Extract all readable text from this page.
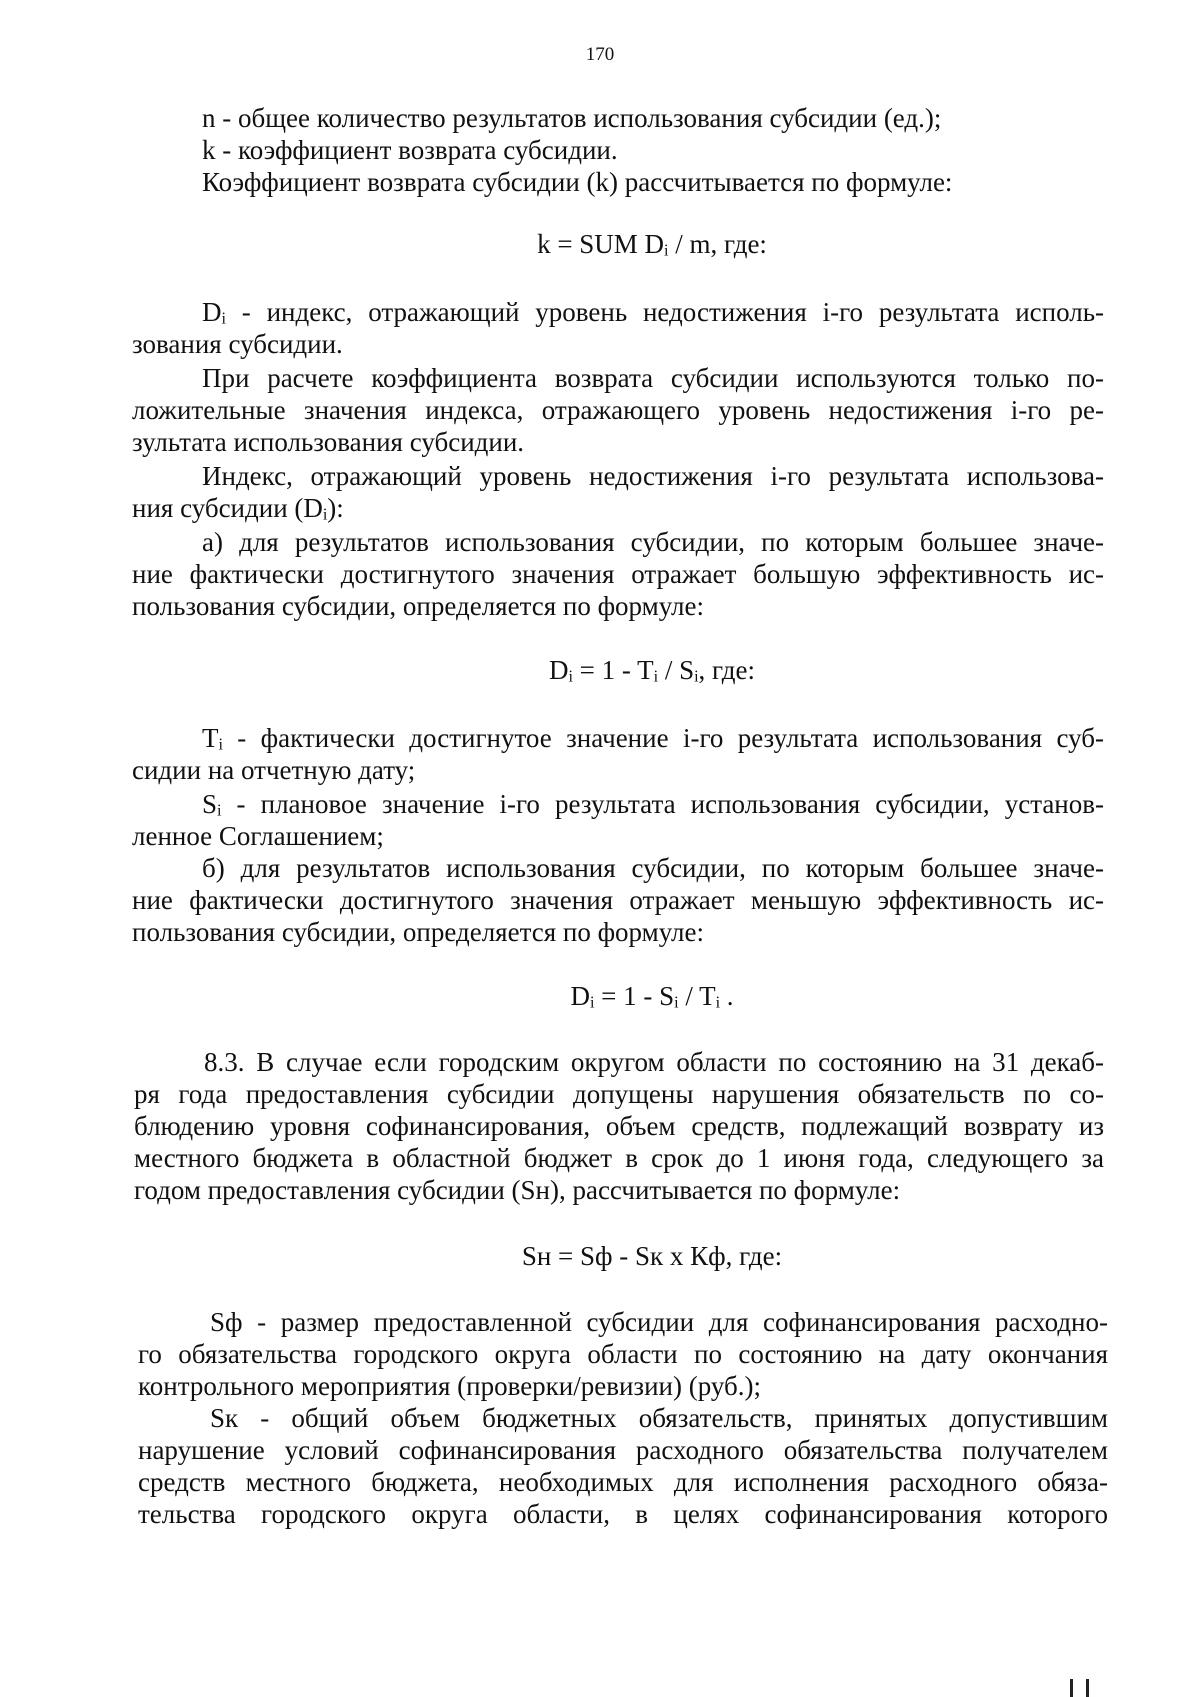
170
n - общее количество результатов использования субсидии (ед.);
k - коэффициент возврата субсидии.
Коэффициент возврата субсидии (k) рассчитывается по формуле:
k = SUM Dᵢ / m, где:
Dᵢ - индекс, отражающий уровень недостижения i-го результата исполь-
зования субсидии.
При расчете коэффициента возврата субсидии используются только по-
ложительные значения индекса, отражающего уровень недостижения i-го ре-
зультата использования субсидии.
Индекс, отражающий уровень недостижения i-го результата использова-
ния субсидии (Dᵢ):
а) для результатов использования субсидии, по которым большее значе-
ние фактически достигнутого значения отражает большую эффективность ис-
пользования субсидии, определяется по формуле:
Dᵢ = 1 - Tᵢ / Sᵢ, где:
Tᵢ - фактически достигнутое значение i-го результата использования суб-
сидии на отчетную дату;
Sᵢ - плановое значение i-го результата использования субсидии, установ-
ленное Соглашением;
б) для результатов использования субсидии, по которым большее значе-
ние фактически достигнутого значения отражает меньшую эффективность ис-
пользования субсидии, определяется по формуле:
Dᵢ = 1 - Sᵢ / Tᵢ .
8.3. В случае если городским округом области по состоянию на 31 декаб-
ря года предоставления субсидии допущены нарушения обязательств по со-
блюдению уровня софинансирования, объем средств, подлежащий возврату из
местного бюджета в областной бюджет в срок до 1 июня года, следующего за
годом предоставления субсидии (Sн), рассчитывается по формуле:
Sн = Sф - Sк x Кф, где:
Sф - размер предоставленной субсидии для софинансирования расходно-
го обязательства городского округа области по состоянию на дату окончания
контрольного мероприятия (проверки/ревизии) (руб.);
Sк - общий объем бюджетных обязательств, принятых допустившим
нарушение условий софинансирования расходного обязательства получателем
средств местного бюджета, необходимых для исполнения расходного обяза-
тельства городского округа области, в целях софинансирования которого
